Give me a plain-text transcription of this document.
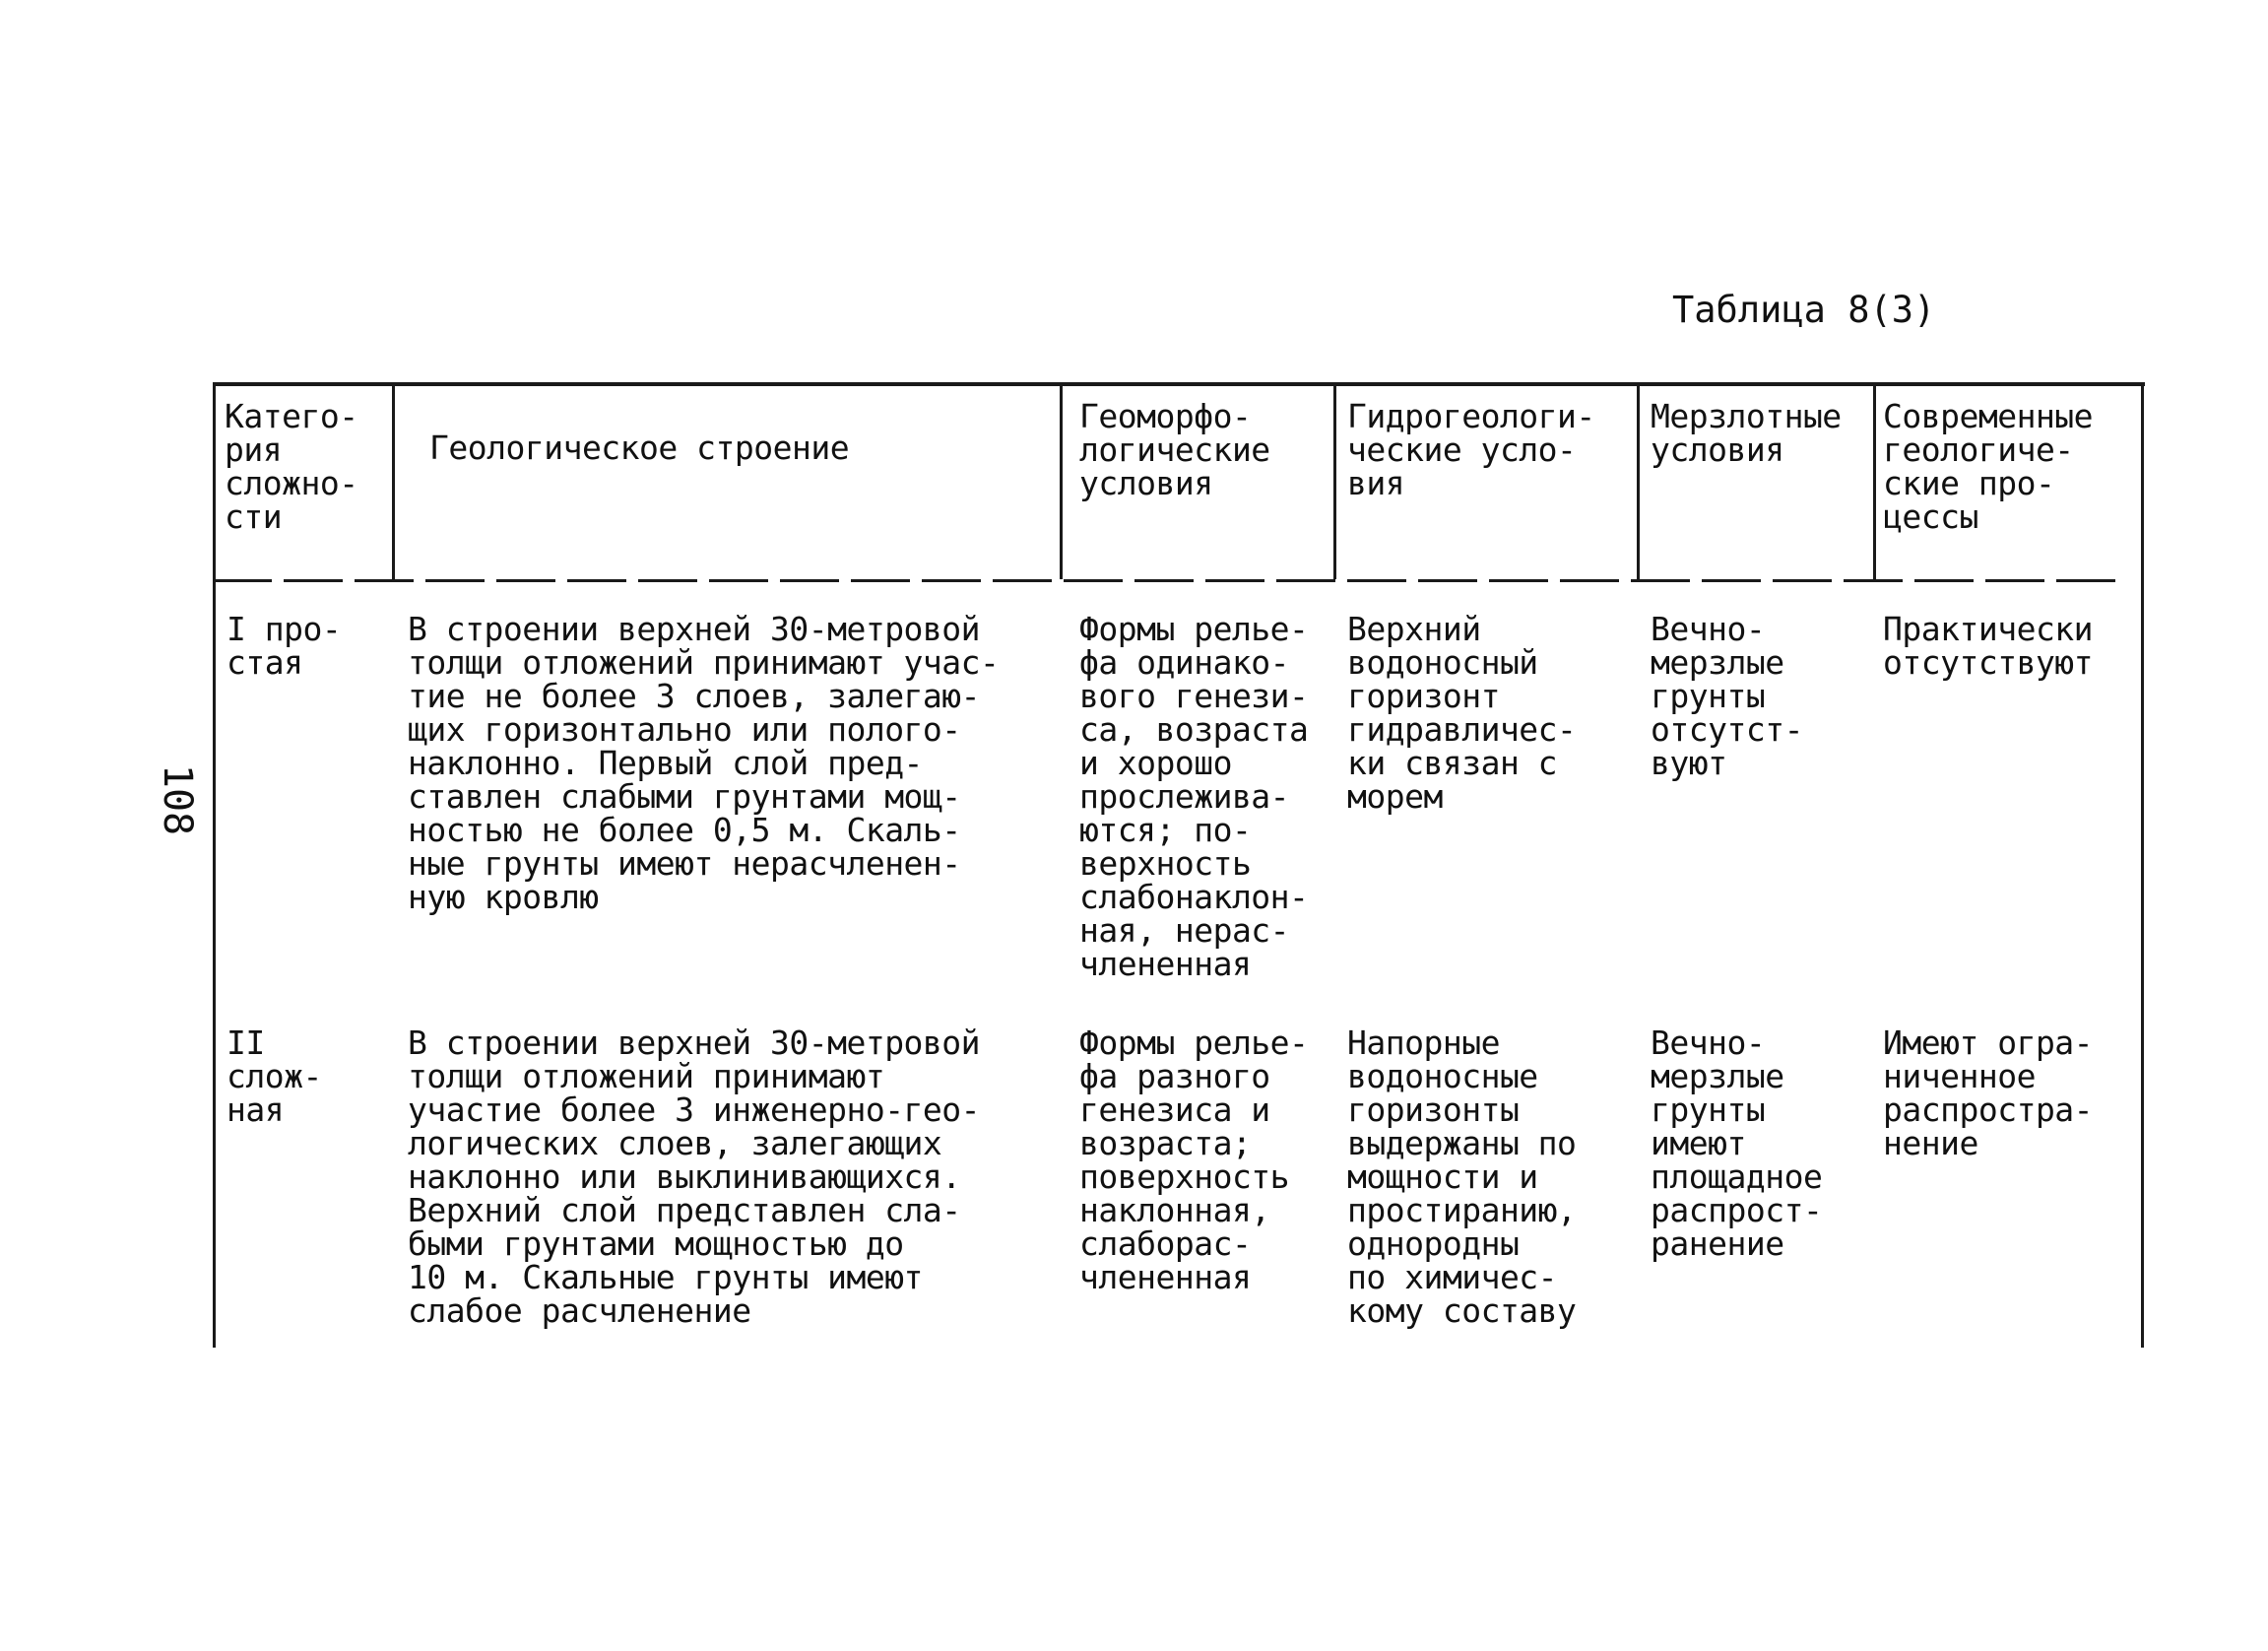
108
Таблица 8(3)
Катего-
рия
сложно-
сти
Геологическое строение
Геоморфо-
логические
условия
Гидрогеологи-
ческие усло-
вия
Мерзлотные
условия
Современные
геологиче-
ские про-
цессы
I про-
стая
В строении верхней 30-метровой
толщи отложений принимают учас-
тие не более 3 слоев, залегаю-
щих горизонтально или полого-
наклонно. Первый слой пред-
ставлен слабыми грунтами мощ-
ностью не более 0,5 м. Скаль-
ные грунты имеют нерасчленен-
ную кровлю
Формы релье-
фа одинако-
вого генези-
са, возраста
и хорошо
прослежива-
ются; по-
верхность
слабонаклон-
ная, нерас-
члененная
Верхний
водоносный
горизонт
гидравличес-
ки связан с
морем
Вечно-
мерзлые
грунты
отсутст-
вуют
Практически
отсутствуют
II
слож-
ная
В строении верхней 30-метровой
толщи отложений принимают
участие более 3 инженерно-гео-
логических слоев, залегающих
наклонно или выклинивающихся.
Верхний слой представлен сла-
быми грунтами мощностью до
10 м. Скальные грунты имеют
слабое расчленение
Формы релье-
фа разного
генезиса и
возраста;
поверхность
наклонная,
слаборас-
члененная
Напорные
водоносные
горизонты
выдержаны по
мощности и
простиранию,
однородны
по химичес-
кому составу
Вечно-
мерзлые
грунты
имеют
площадное
распрост-
ранение
Имеют огра-
ниченное
распростра-
нение
